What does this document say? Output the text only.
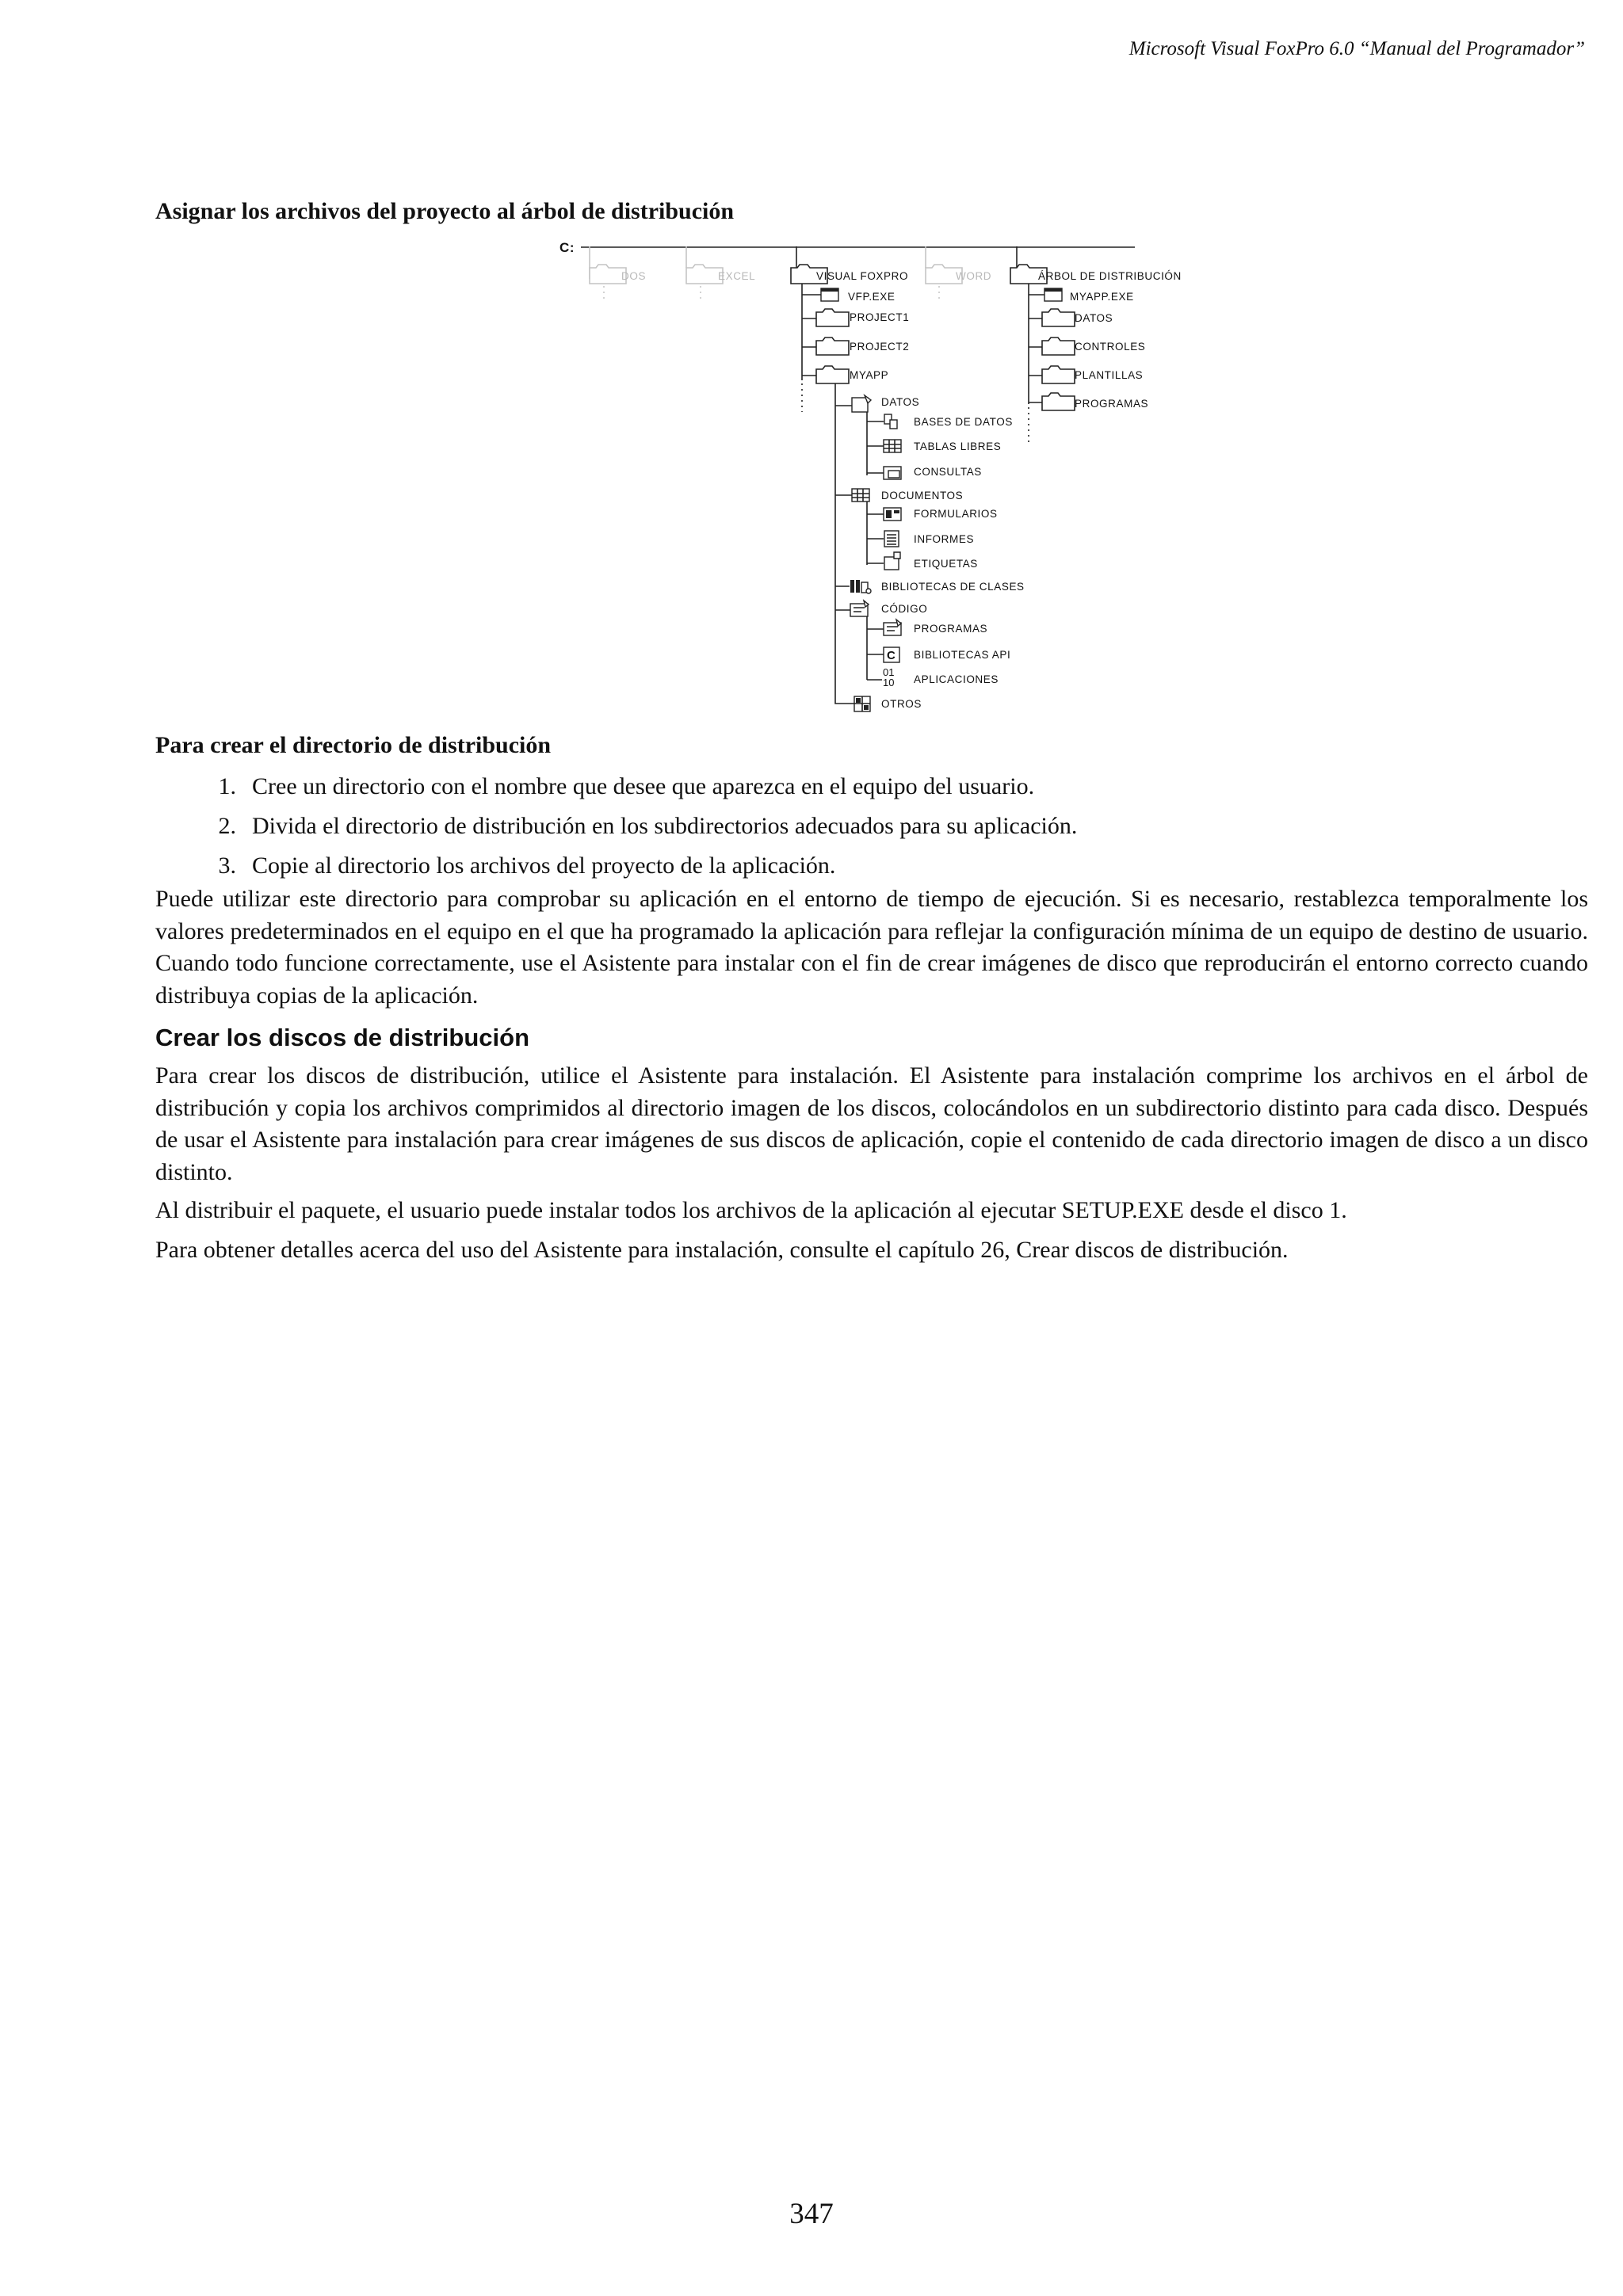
Microsoft Visual FoxPro 6.0 “Manual del Programador”
Asignar los archivos del proyecto al árbol de distribución
C:
DOS	EXCEL	VISUAL FOXPRO	WORD	ÁRBOL DE DISTRIBUCIÓN
VFP.EXE
PROJECT1
PROJECT2
MYAPP
MYAPP.EXE
DATOS
CONTROLES
PLANTILLAS
PROGRAMAS
DATOS
BASES DE DATOS
TABLAS LIBRES
CONSULTAS
DOCUMENTOS
FORMULARIOS
INFORMES
ETIQUETAS
BIBLIOTECAS DE CLASES
CÓDIGO
PROGRAMAS
C BIBLIOTECAS API
01
10 APLICACIONES
OTROS
Para crear el directorio de distribución
1. Cree un directorio con el nombre que desee que aparezca en el equipo del usuario.
2. Divida el directorio de distribución en los subdirectorios adecuados para su aplicación.
3. Copie al directorio los archivos del proyecto de la aplicación.

Puede utilizar este directorio para comprobar su aplicación en el entorno de tiempo de ejecución. Si es necesario, restablezca temporalmente los valores predeterminados en el equipo en el que ha programado la aplicación para reflejar la configuración mínima de un equipo de destino de usuario. Cuando todo funcione correctamente, use el Asistente para instalar con el fin de crear imágenes de disco que reproducirán el entorno correcto cuando distribuya copias de la aplicación.

Crear los discos de distribución

Para crear los discos de distribución, utilice el Asistente para instalación. El Asistente para instalación comprime los archivos en el árbol de distribución y copia los archivos comprimidos al directorio imagen de los discos, colocándolos en un subdirectorio distinto para cada disco. Después de usar el Asistente para instalación para crear imágenes de sus discos de aplicación, copie el contenido de cada directorio imagen de disco a un disco distinto.

Al distribuir el paquete, el usuario puede instalar todos los archivos de la aplicación al ejecutar SETUP.EXE desde el disco 1.

Para obtener detalles acerca del uso del Asistente para instalación, consulte el capítulo 26, Crear discos de distribución.

347
